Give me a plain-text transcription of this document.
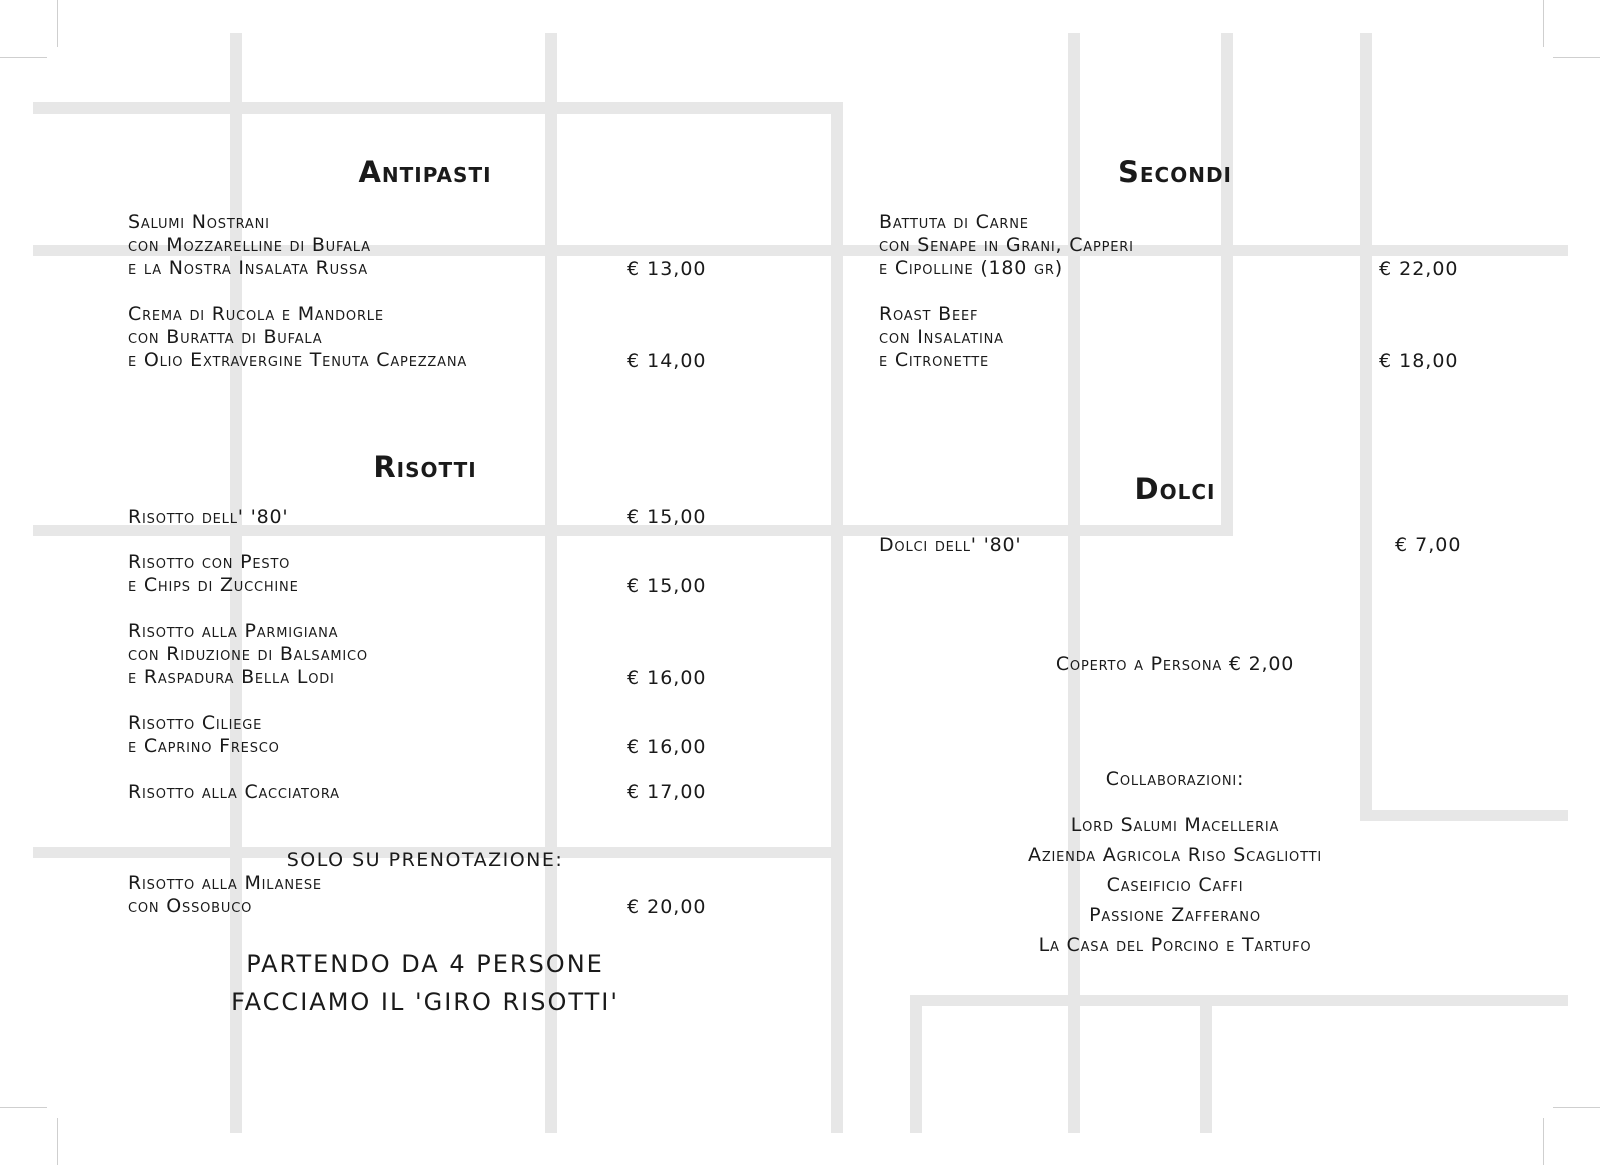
Antipasti
Salumi Nostrani
con Mozzarelline di Bufala
e la Nostra Insalata Russa	€ 13,00
Crema di Rucola e Mandorle
con Buratta di Bufala
e Olio Extravergine Tenuta Capezzana	€ 14,00
Risotti
Risotto dell' '80'	€ 15,00
Risotto con Pesto
e Chips di Zucchine	€ 15,00
Risotto alla Parmigiana
con Riduzione di Balsamico
e Raspadura Bella Lodi	€ 16,00
Risotto Ciliege
e Caprino Fresco	€ 16,00
Risotto alla Cacciatora	€ 17,00
SOLO SU PRENOTAZIONE:
Risotto alla Milanese
con Ossobuco	€ 20,00
PARTENDO DA 4 PERSONE
FACCIAMO IL 'GIRO RISOTTI'
Secondi
Battuta di Carne
con Senape in Grani, Capperi
e Cipolline (180 gr)	€ 22,00
Roast Beef
con Insalatina
e Citronette	€ 18,00
Dolci
Dolci dell' '80'	€ 7,00
Coperto a Persona € 2,00
Collaborazioni:
Lord Salumi Macelleria
Azienda Agricola Riso Scagliotti
Caseificio Caffi
Passione Zafferano
La Casa del Porcino e Tartufo
